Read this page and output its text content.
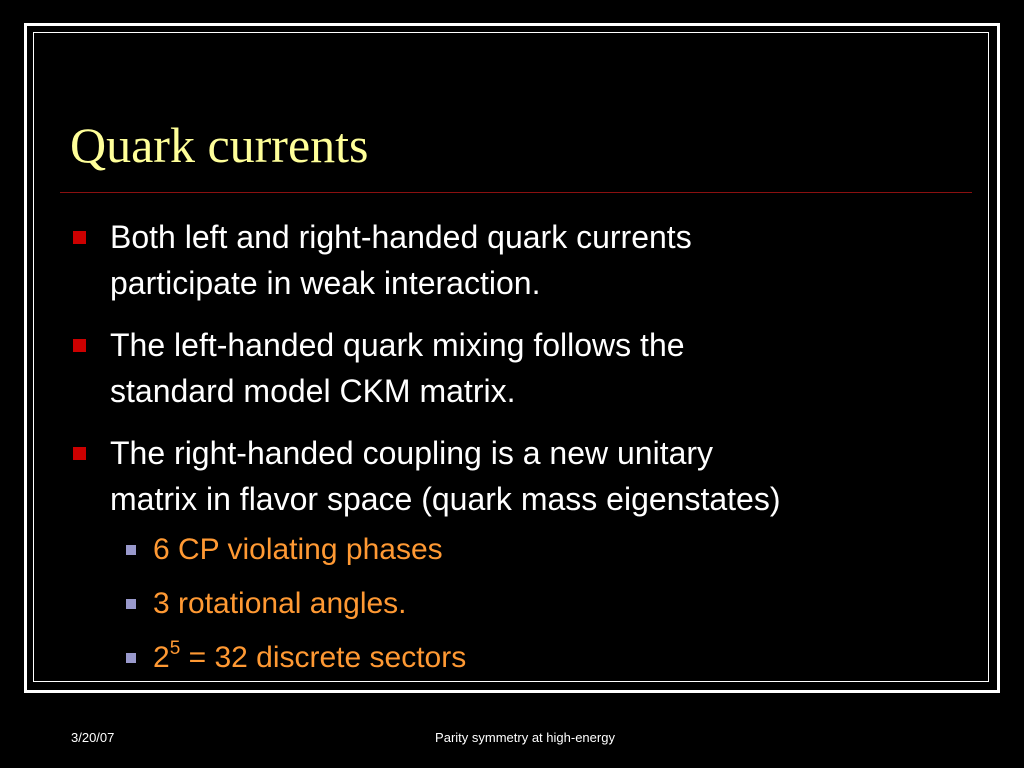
Quark currents
Both left and right-handed quark currents
participate in weak interaction.
The left-handed quark mixing follows the
standard model CKM matrix.
The right-handed coupling is a new unitary
matrix in flavor space (quark mass eigenstates)
6 CP violating phases
3 rotational angles.
$2^5 = 32$ discrete sectors
3/20/07	Parity symmetry at high-energy
